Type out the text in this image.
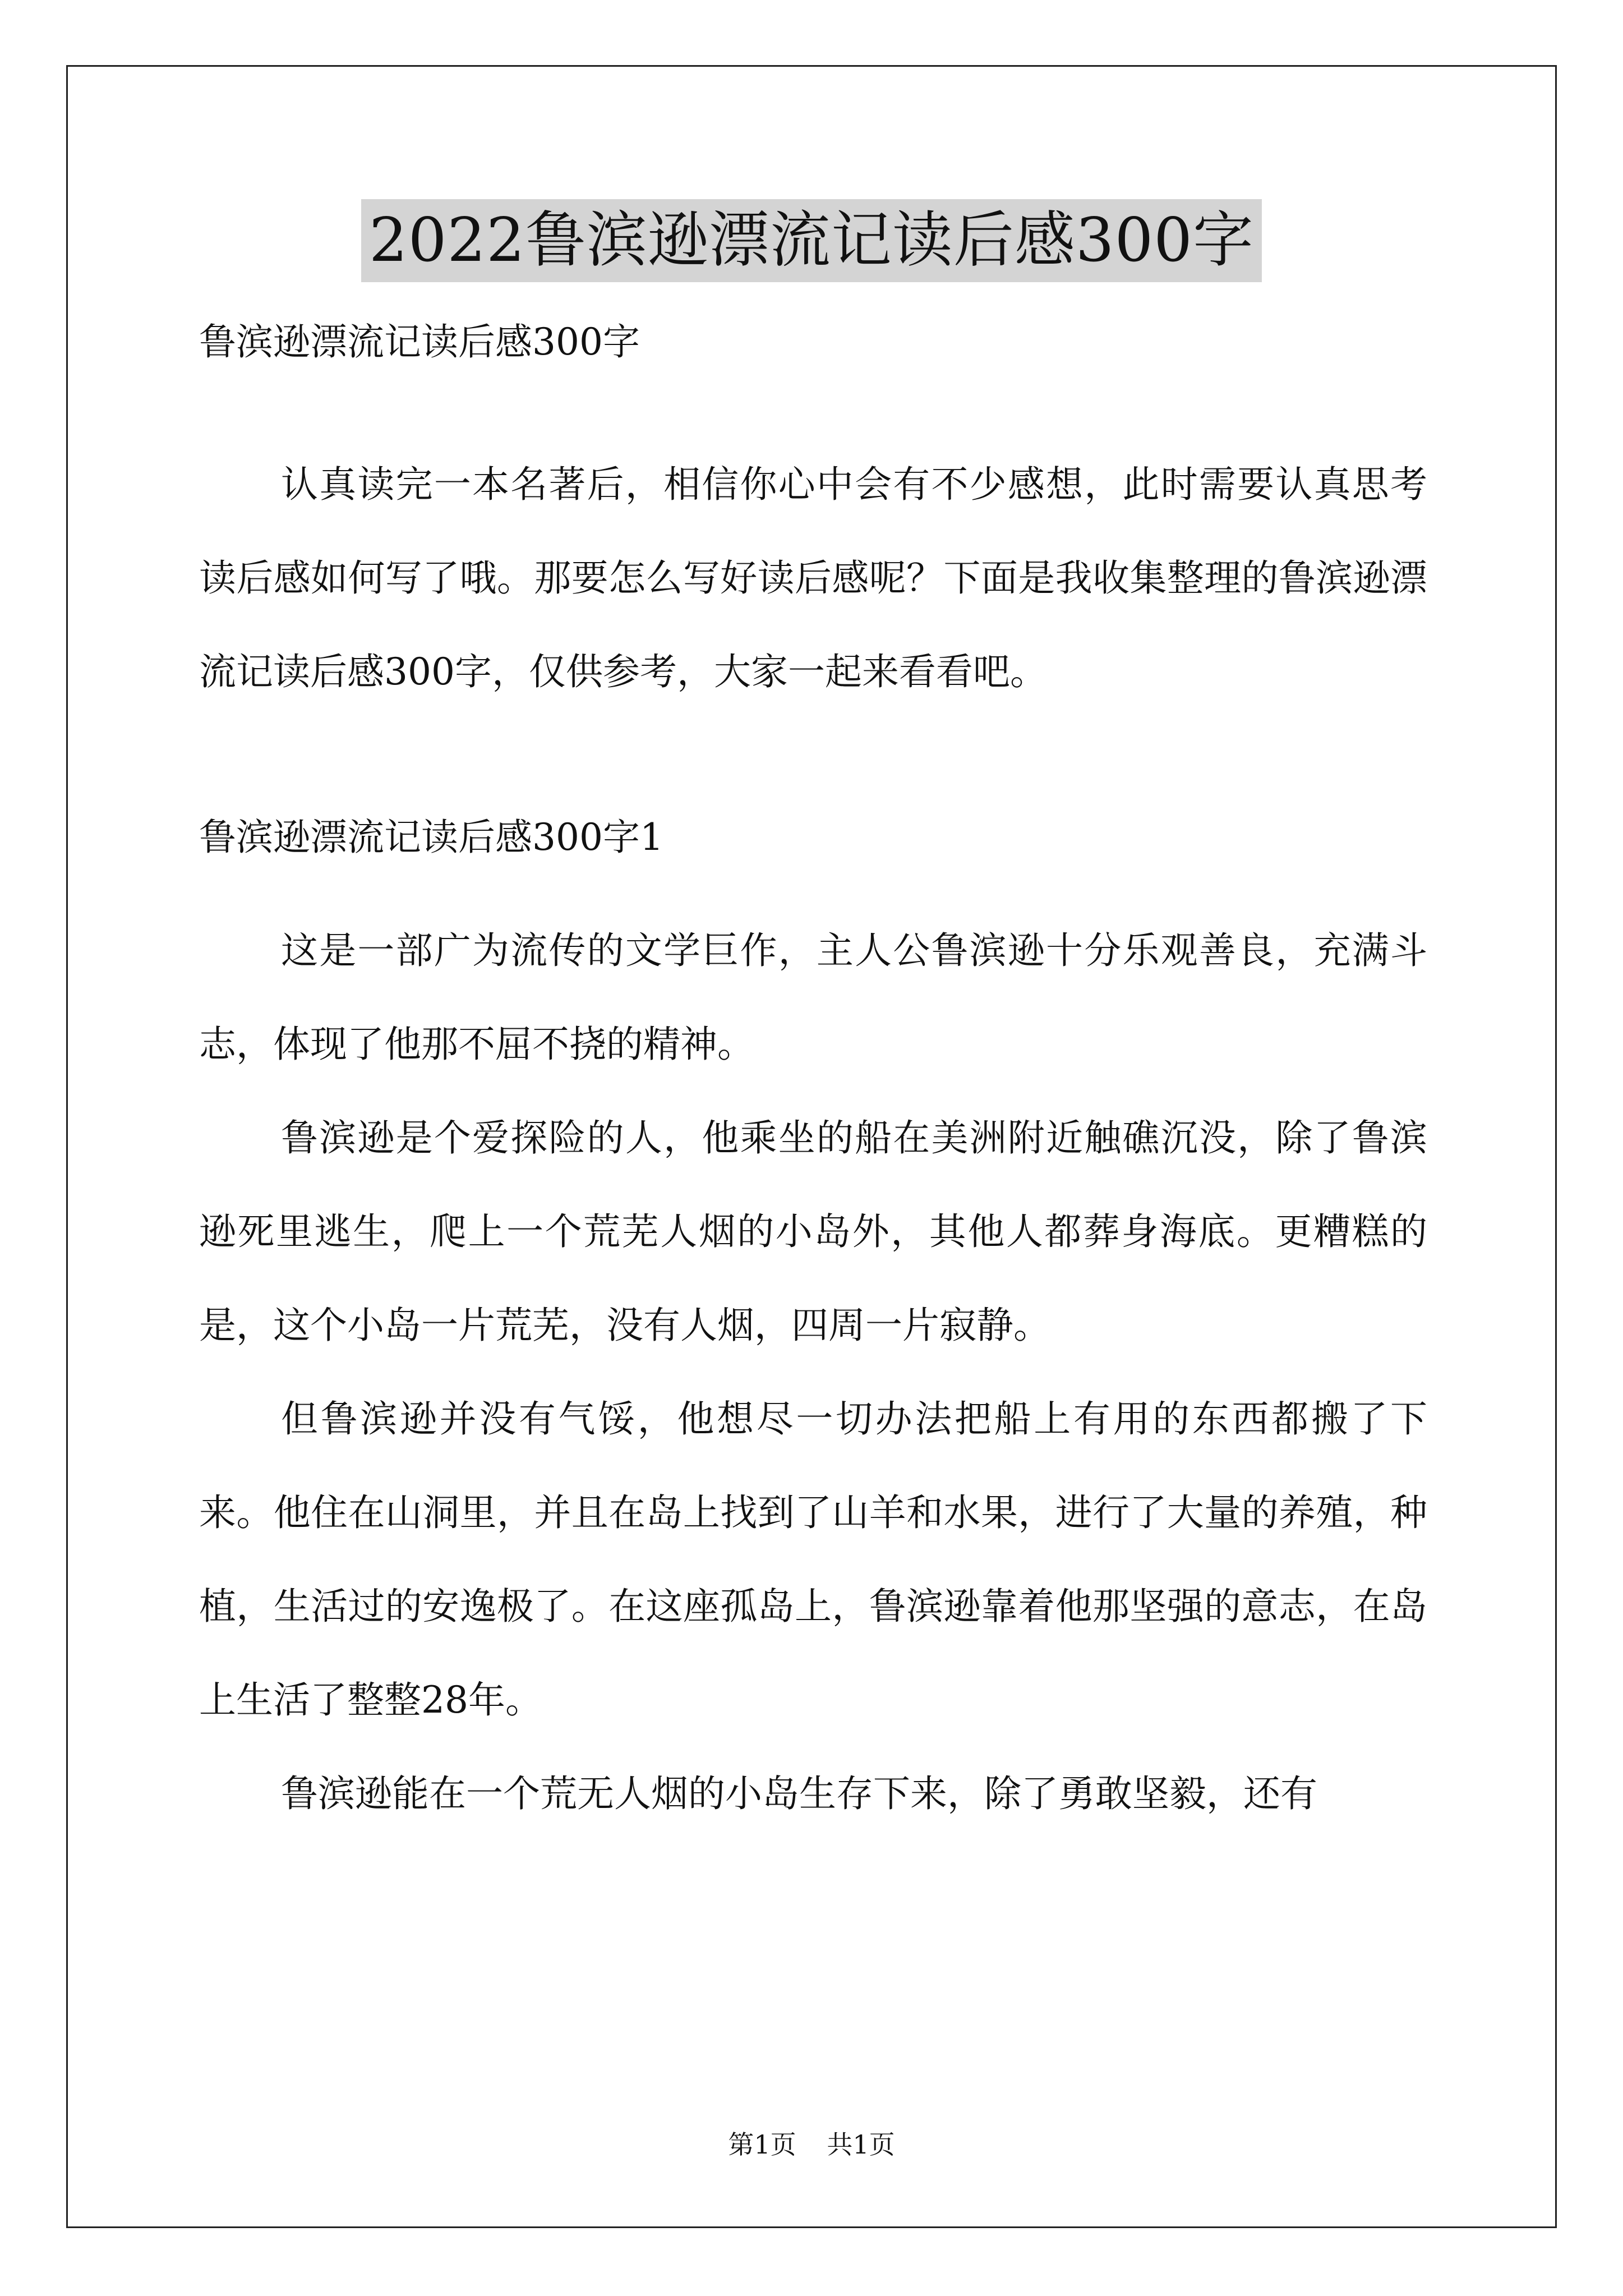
2022鲁滨逊漂流记读后感300字

鲁滨逊漂流记读后感300字

认真读完一本名著后，相信你心中会有不少感想，此时需要认真思考读后感如何写了哦。那要怎么写好读后感呢？下面是我收集整理的鲁滨逊漂流记读后感300字，仅供参考，大家一起来看看吧。

鲁滨逊漂流记读后感300字1

这是一部广为流传的文学巨作，主人公鲁滨逊十分乐观善良，充满斗志，体现了他那不屈不挠的精神。

鲁滨逊是个爱探险的人，他乘坐的船在美洲附近触礁沉没，除了鲁滨逊死里逃生，爬上一个荒芜人烟的小岛外，其他人都葬身海底。更糟糕的是，这个小岛一片荒芜，没有人烟，四周一片寂静。

但鲁滨逊并没有气馁，他想尽一切办法把船上有用的东西都搬了下来。他住在山洞里，并且在岛上找到了山羊和水果，进行了大量的养殖，种植，生活过的安逸极了。在这座孤岛上，鲁滨逊靠着他那坚强的意志，在岛上生活了整整28年。

鲁滨逊能在一个荒无人烟的小岛生存下来，除了勇敢坚毅，还有

第1页 共1页
